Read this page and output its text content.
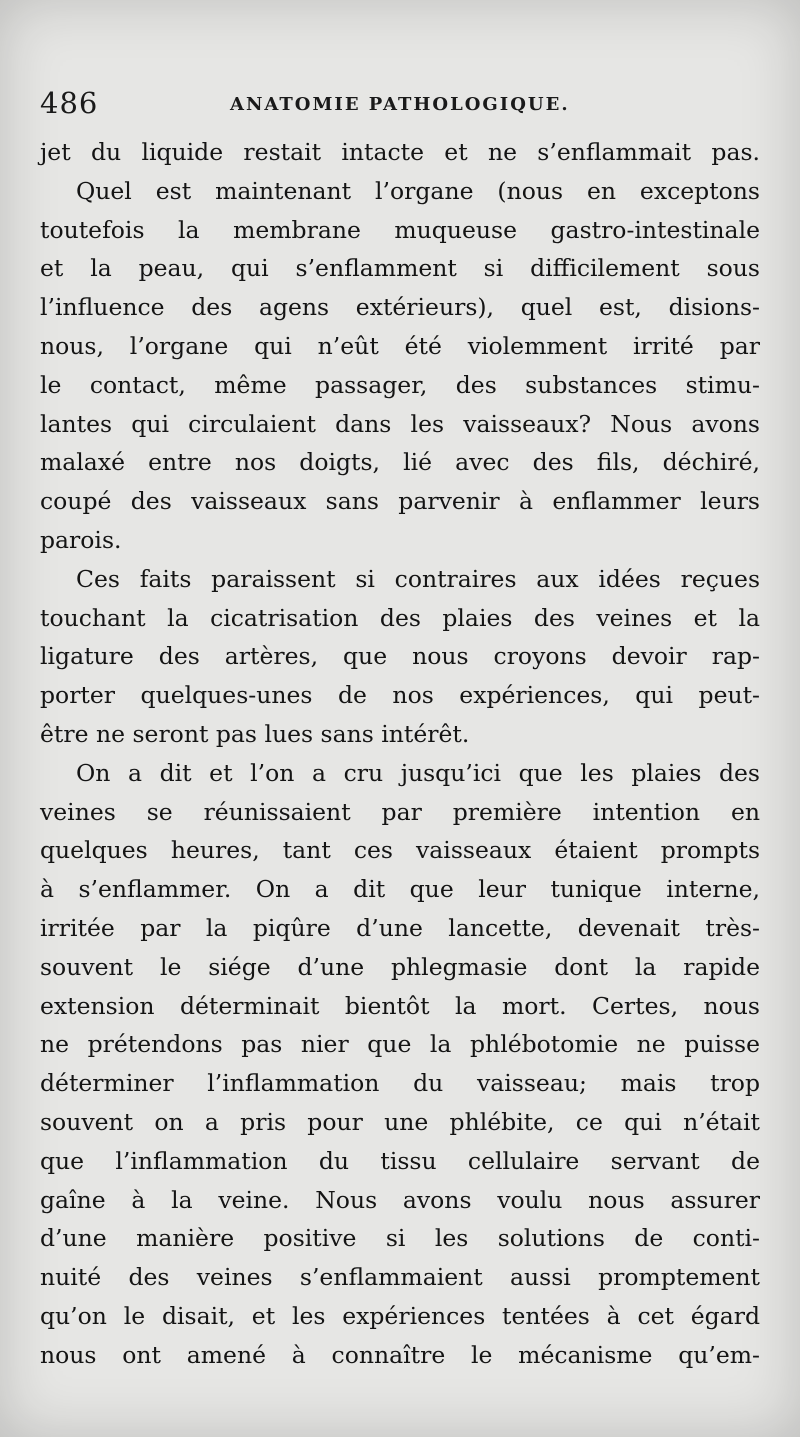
486	ANATOMIE PATHOLOGIQUE.
jet du liquide restait intacte et ne s’enflammait pas.
Quel est maintenant l’organe (nous en exceptons
toutefois la membrane muqueuse gastro-intestinale
et la peau, qui s’enflamment si difficilement sous
l’influence des agens extérieurs), quel est, disions-
nous, l’organe qui n’eût été violemment irrité par
le contact, même passager, des substances stimu-
lantes qui circulaient dans les vaisseaux? Nous avons
malaxé entre nos doigts, lié avec des fils, déchiré,
coupé des vaisseaux sans parvenir à enflammer leurs
parois.
Ces faits paraissent si contraires aux idées reçues
touchant la cicatrisation des plaies des veines et la
ligature des artères, que nous croyons devoir rap-
porter quelques-unes de nos expériences, qui peut-
être ne seront pas lues sans intérêt.
On a dit et l’on a cru jusqu’ici que les plaies des
veines se réunissaient par première intention en
quelques heures, tant ces vaisseaux étaient prompts
à s’enflammer. On a dit que leur tunique interne,
irritée par la piqûre d’une lancette, devenait très-
souvent le siége d’une phlegmasie dont la rapide
extension déterminait bientôt la mort. Certes, nous
ne prétendons pas nier que la phlébotomie ne puisse
déterminer l’inflammation du vaisseau; mais trop
souvent on a pris pour une phlébite, ce qui n’était
que l’inflammation du tissu cellulaire servant de
gaîne à la veine. Nous avons voulu nous assurer
d’une manière positive si les solutions de conti-
nuité des veines s’enflammaient aussi promptement
qu’on le disait, et les expériences tentées à cet égard
nous ont amené à connaître le mécanisme qu’em-
